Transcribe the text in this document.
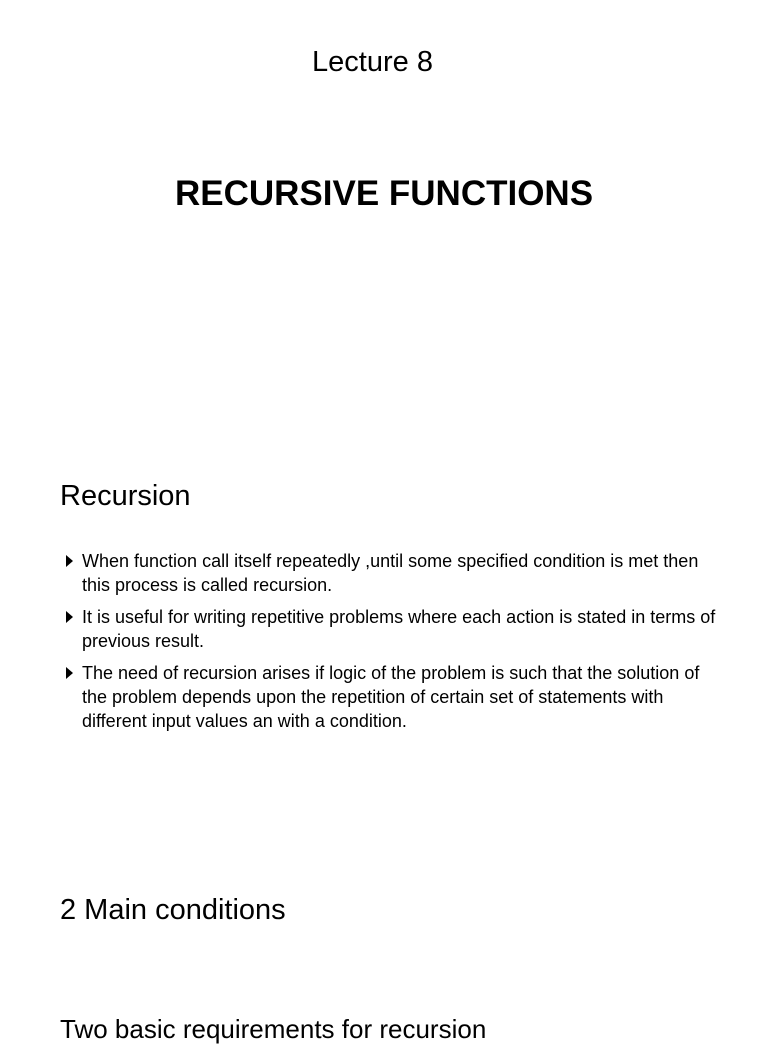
Lecture 8
RECURSIVE FUNCTIONS
Recursion
When function call itself repeatedly ,until some specified condition is met then this process is called recursion.
It is useful for writing repetitive problems where each action is stated in terms of previous result.
The need of recursion arises if logic of the problem is such that the solution of the problem depends upon the repetition of certain set of statements with different input values an with a condition.
2 Main conditions
Two basic requirements for recursion
